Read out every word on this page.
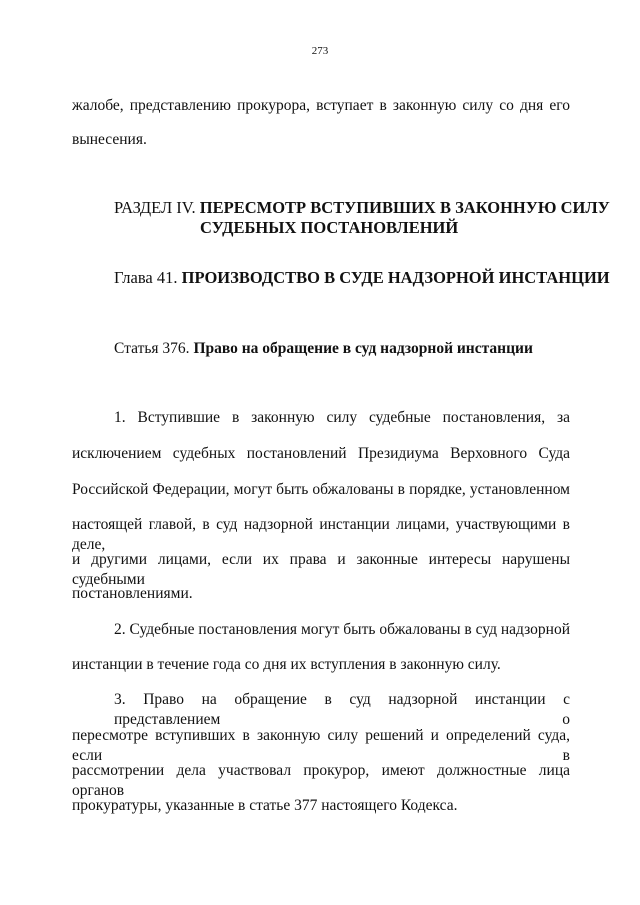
273
жалобе, представлению прокурора, вступает в законную силу со дня его
вынесения.
РАЗДЕЛ IV. ПЕРЕСМОТР ВСТУПИВШИХ В ЗАКОННУЮ СИЛУ
СУДЕБНЫХ ПОСТАНОВЛЕНИЙ
Глава 41. ПРОИЗВОДСТВО В СУДЕ НАДЗОРНОЙ ИНСТАНЦИИ
Статья 376. Право на обращение в суд надзорной инстанции
1. Вступившие в законную силу судебные постановления, за
исключением судебных постановлений Президиума Верховного Суда
Российской Федерации, могут быть обжалованы в порядке, установленном
настоящей главой, в суд надзорной инстанции лицами, участвующими в деле,
и другими лицами, если их права и законные интересы нарушены судебными
постановлениями.
2. Судебные постановления могут быть обжалованы в суд надзорной
инстанции в течение года со дня их вступления в законную силу.
3. Право на обращение в суд надзорной инстанции с представлением о
пересмотре вступивших в законную силу решений и определений суда, если в
рассмотрении дела участвовал прокурор, имеют должностные лица органов
прокуратуры, указанные в статье 377 настоящего Кодекса.
